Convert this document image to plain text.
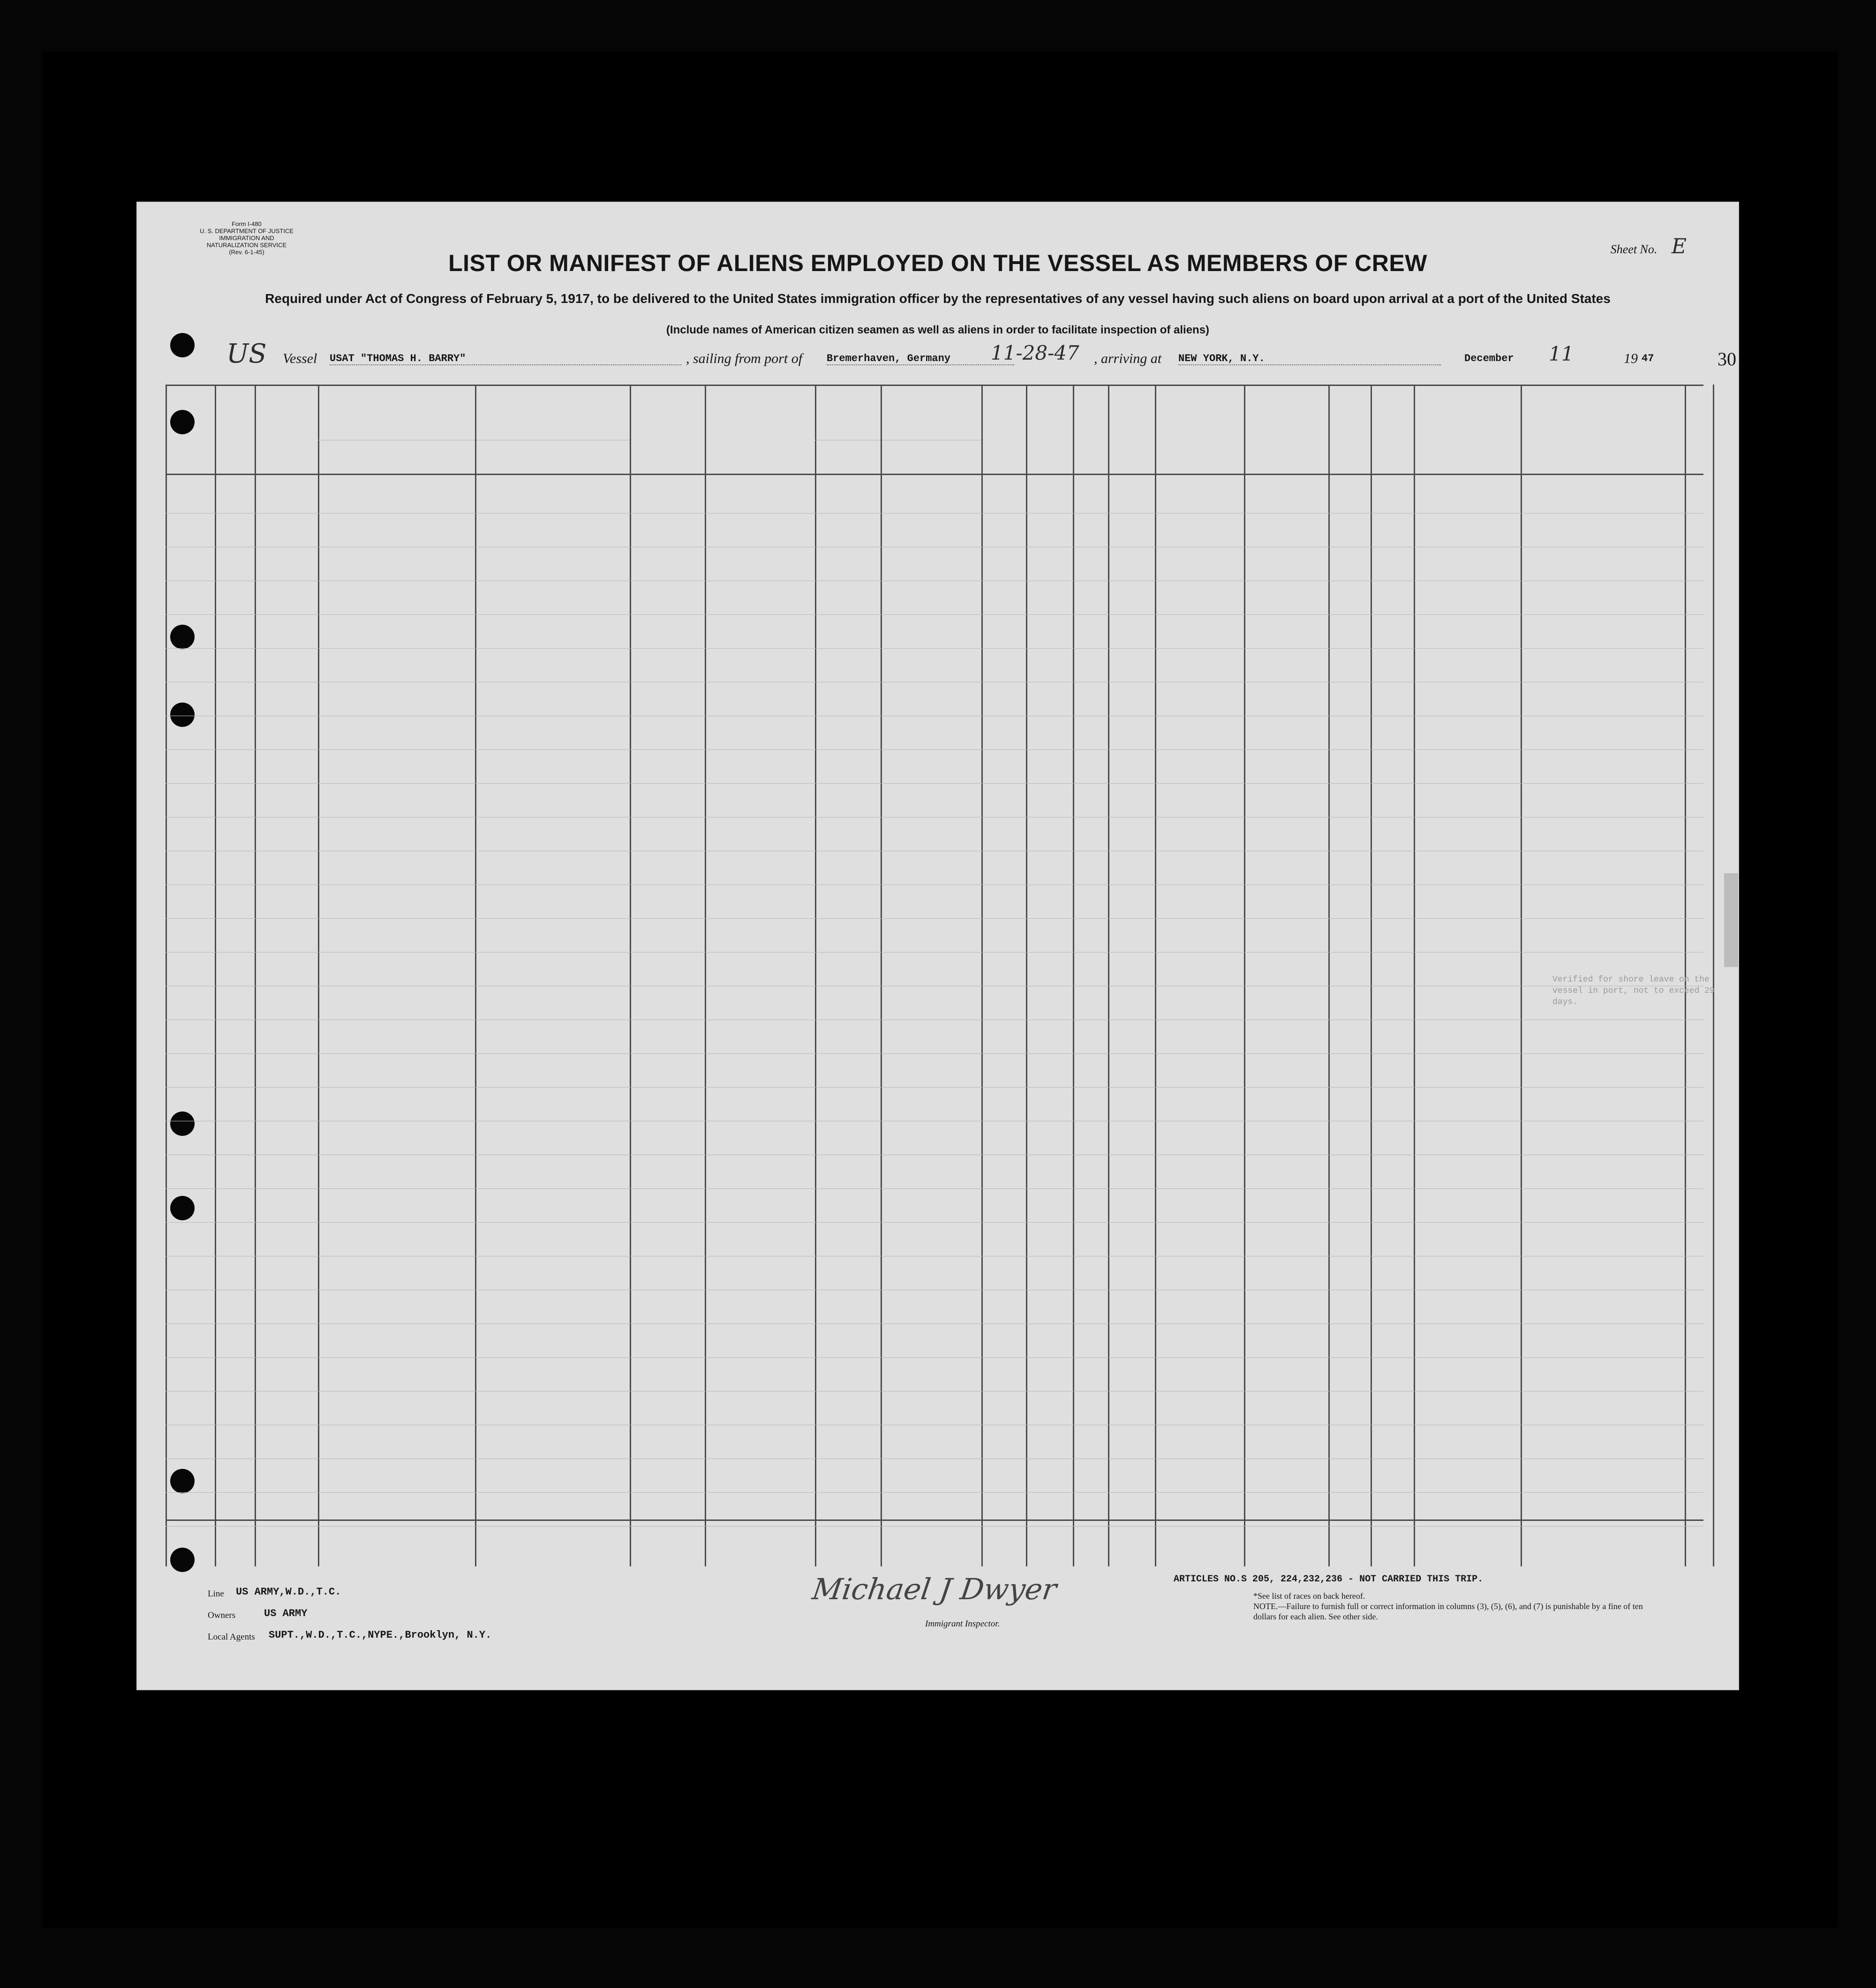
Form I-480
U. S. DEPARTMENT OF JUSTICE
IMMIGRATION AND NATURALIZATION SERVICE
(Rev. 6-1-45)	Sheet No. E
LIST OR MANIFEST OF ALIENS EMPLOYED ON THE VESSEL AS MEMBERS OF CREW
Required under Act of Congress of February 5, 1917, to be delivered to the United States immigration officer by the representatives of any vessel having such aliens on board upon arrival at a port of the United States
(Include names of American citizen seamen as well as aliens in order to facilitate inspection of aliens)
US Vessel USAT "THOMAS H. BARRY"	, sailing from port of Bremerhaven, Germany	11-28-47 , arriving at NEW YORK, N.Y.	December 11	19 47	30
ARTICLES NO.S 205, 224,232,236 - NOT CARRIED THIS TRIP.
Verified for shore leave on the vessel in port, not to exceed 29 days.
Line US ARMY,W.D.,T.C.
Owners	US ARMY
Local Agents SUPT.,W.D.,T.C.,NYPE.,Brooklyn, N.Y.
Michael J Dwyer
Immigrant Inspector.
*See list of races on back hereof.
NOTE.—Failure to furnish full or correct information in columns (3), (5), (6), and (7) is punishable by a fine of ten dollars for each alien. See other side.
